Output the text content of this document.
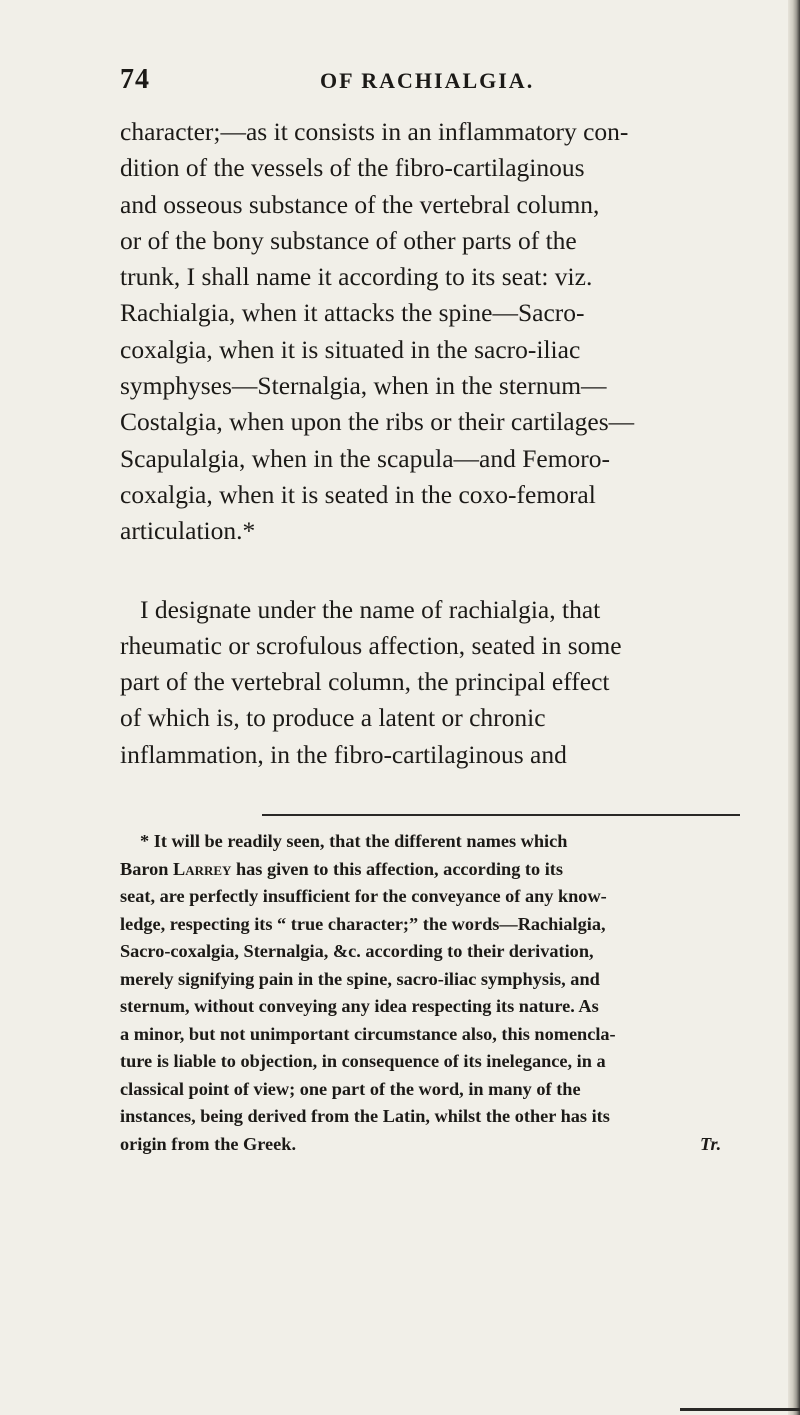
74	OF RACHIALGIA.
character;—as it consists in an inflammatory con-
dition of the vessels of the fibro-cartilaginous
and osseous substance of the vertebral column,
or of the bony substance of other parts of the
trunk, I shall name it according to its seat: viz.
Rachialgia, when it attacks the spine—Sacro-
coxalgia, when it is situated in the sacro-iliac
symphyses—Sternalgia, when in the sternum—
Costalgia, when upon the ribs or their cartilages—
Scapulalgia, when in the scapula—and Femoro-
coxalgia, when it is seated in the coxo-femoral
articulation.*
I designate under the name of rachialgia, that
rheumatic or scrofulous affection, seated in some
part of the vertebral column, the principal effect
of which is, to produce a latent or chronic
inflammation, in the fibro-cartilaginous and
* It will be readily seen, that the different names which
Baron Larrey has given to this affection, according to its
seat, are perfectly insufficient for the conveyance of any know-
ledge, respecting its “ true character;” the words—Rachialgia,
Sacro-coxalgia, Sternalgia, &c. according to their derivation,
merely signifying pain in the spine, sacro-iliac symphysis, and
sternum, without conveying any idea respecting its nature. As
a minor, but not unimportant circumstance also, this nomencla-
ture is liable to objection, in consequence of its inelegance, in a
classical point of view; one part of the word, in many of the
instances, being derived from the Latin, whilst the other has its
origin from the Greek.	Tr.
